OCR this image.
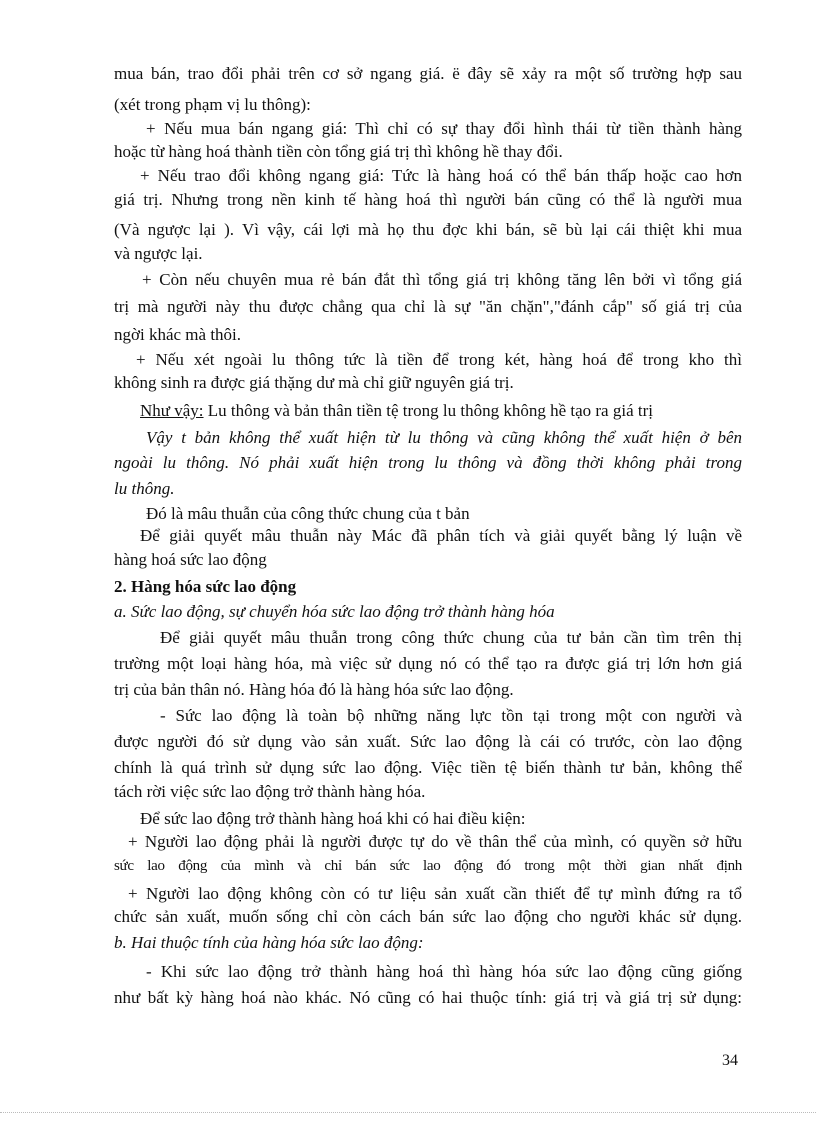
mua bán, trao đổi phải trên cơ sở ngang giá. ë đây sẽ xảy ra một số trường hợp sau
(xét trong phạm vị lu thông):
+ Nếu mua bán ngang giá: Thì chỉ có sự thay đổi hình thái từ tiền thành hàng
hoặc từ hàng hoá thành tiền còn tổng giá trị thì không hề thay đổi.
+ Nếu trao đổi không ngang giá: Tức là hàng hoá có thể bán thấp hoặc cao hơn
giá trị. Nhưng trong nền kinh tế hàng hoá thì người bán cũng có thể là người mua
(Và ngược lại ). Vì vậy, cái lợi mà họ thu đợc khi bán, sẽ bù lại cái thiệt khi mua
và ngược lại.
+ Còn nếu chuyên mua rẻ bán đắt thì tổng giá trị không tăng lên bởi vì tổng giá
trị mà người này thu được chẳng qua chỉ là sự "ăn chặn","đánh cắp" số giá trị của
ngời khác mà thôi.
+ Nếu xét ngoài lu thông tức là tiền để trong két, hàng hoá để trong kho thì
không sinh ra được giá thặng dư mà chỉ giữ nguyên giá trị.
Như vậy: Lu thông và bản thân tiền tệ trong lu thông không hề tạo ra giá trị
Vậy t bản không thể xuất hiện từ lu thông và cũng không thể xuất hiện ở bên
ngoài lu thông. Nó phải xuất hiện trong lu thông và đồng thời không phải trong
lu thông.
Đó là mâu thuẫn của công thức chung của t bản
Để giải quyết mâu thuẫn này Mác đã phân tích và giải quyết bằng lý luận về
hàng hoá sức lao động
2. Hàng hóa sức lao động
a. Sức lao động, sự chuyển hóa sức lao động trở thành hàng hóa
Để giải quyết mâu thuẫn trong công thức chung của tư bản cần tìm trên thị
trường một loại hàng hóa, mà việc sử dụng nó có thể tạo ra được giá trị lớn hơn giá
trị của bản thân nó. Hàng hóa đó là hàng hóa sức lao động.
- Sức lao động là toàn bộ những năng lực tồn tại trong một con người và
được người đó sử dụng vào sản xuất. Sức lao động là cái có trước, còn lao động
chính là quá trình sử dụng sức lao động. Việc tiền tệ biến thành tư bản, không thể
tách rời việc sức lao động trở thành hàng hóa.
Để sức lao động trở thành hàng hoá khi có hai điều kiện:
+ Người lao động phải là người được tự do về thân thể của mình, có quyền sở hữu
sức lao động của mình và chỉ bán sức lao động đó trong một thời gian nhất định
+ Người lao động không còn có tư liệu sản xuất cần thiết để tự mình đứng ra tổ
chức sản xuất, muốn sống chỉ còn cách bán sức lao động cho người khác sử dụng.
b. Hai thuộc tính của hàng hóa sức lao động:
- Khi sức lao động trở thành hàng hoá thì hàng hóa sức lao động cũng giống
như bất kỳ hàng hoá nào khác. Nó cũng có hai thuộc tính: giá trị và giá trị sử dụng:
34
